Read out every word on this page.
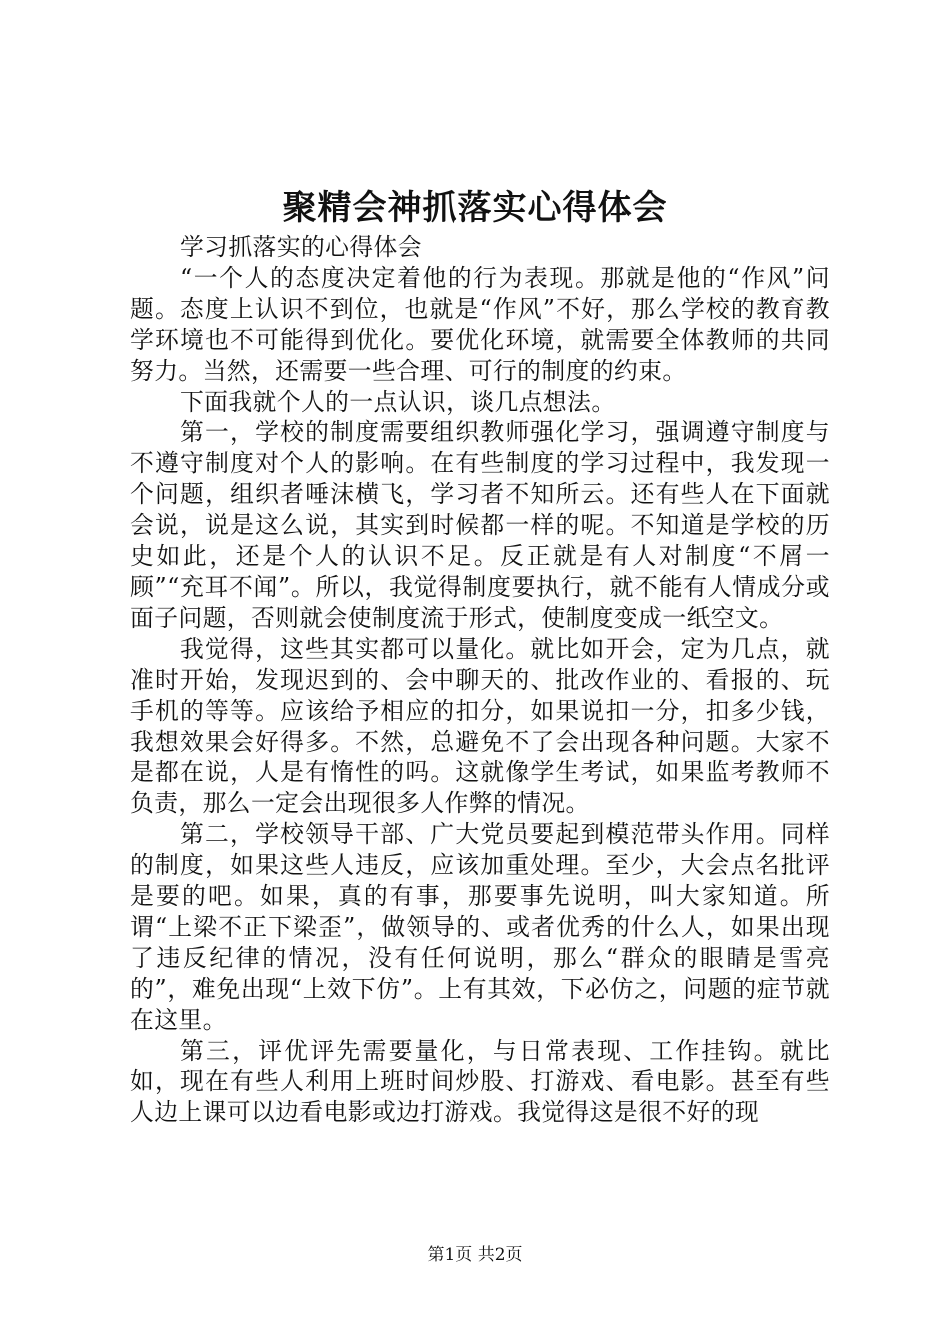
聚精会神抓落实心得体会

学习抓落实的心得体会

“一个人的态度决定着他的行为表现。那就是他的“作风”问题。态度上认识不到位，也就是“作风”不好，那么学校的教育教学环境也不可能得到优化。要优化环境，就需要全体教师的共同努力。当然，还需要一些合理、可行的制度的约束。

下面我就个人的一点认识，谈几点想法。

第一，学校的制度需要组织教师强化学习，强调遵守制度与不遵守制度对个人的影响。在有些制度的学习过程中，我发现一个问题，组织者唾沫横飞，学习者不知所云。还有些人在下面就会说，说是这么说，其实到时候都一样的呢。不知道是学校的历史如此，还是个人的认识不足。反正就是有人对制度“不屑一顾”“充耳不闻”。所以，我觉得制度要执行，就不能有人情成分或面子问题，否则就会使制度流于形式，使制度变成一纸空文。

我觉得，这些其实都可以量化。就比如开会，定为几点，就准时开始，发现迟到的、会中聊天的、批改作业的、看报的、玩手机的等等。应该给予相应的扣分，如果说扣一分，扣多少钱，我想效果会好得多。不然，总避免不了会出现各种问题。大家不是都在说，人是有惰性的吗。这就像学生考试，如果监考教师不负责，那么一定会出现很多人作弊的情况。

第二，学校领导干部、广大党员要起到模范带头作用。同样的制度，如果这些人违反，应该加重处理。至少，大会点名批评是要的吧。如果，真的有事，那要事先说明，叫大家知道。所谓“上梁不正下梁歪”，做领导的、或者优秀的什么人，如果出现了违反纪律的情况，没有任何说明，那么“群众的眼睛是雪亮的”，难免出现“上效下仿”。上有其效，下必仿之，问题的症节就在这里。

第三，评优评先需要量化，与日常表现、工作挂钩。就比如，现在有些人利用上班时间炒股、打游戏、看电影。甚至有些人边上课可以边看电影或边打游戏。我觉得这是很不好的现

第1页 共2页
